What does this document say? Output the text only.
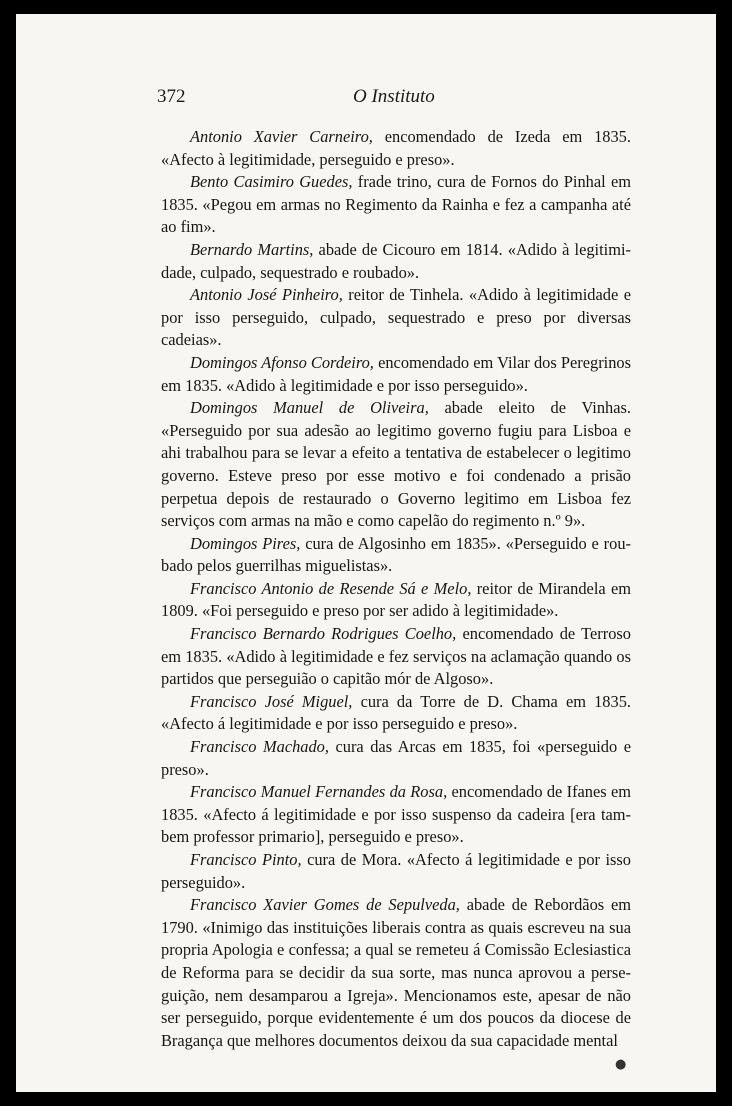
372	O Instituto

Antonio Xavier Carneiro, encomendado de Izeda em 1835. «Afecto à legitimidade, perseguido e preso».

Bento Casimiro Guedes, frade trino, cura de Fornos do Pinhal em 1835. «Pegou em armas no Regimento da Rainha e fez a campanha até ao fim».

Bernardo Martins, abade de Cicouro em 1814. «Adido à legitimidade, culpado, sequestrado e roubado».

Antonio José Pinheiro, reitor de Tinhela. «Adido à legitimidade e por isso perseguido, culpado, sequestrado e preso por diversas cadeias».

Domingos Afonso Cordeiro, encomendado em Vilar dos Peregrinos em 1835. «Adido à legitimidade e por isso perseguido».

Domingos Manuel de Oliveira, abade eleito de Vinhas. «Perseguido por sua adesão ao legitimo governo fugiu para Lisboa e ahi trabalhou para se levar a efeito a tentativa de estabelecer o legitimo governo. Esteve preso por esse motivo e foi condenado a prisão perpetua depois de restaurado o Governo legitimo em Lisboa fez serviços com armas na mão e como capelão do regimento n.º 9».

Domingos Pires, cura de Algosinho em 1835». «Perseguido e roubado pelos guerrilhas miguelistas».

Francisco Antonio de Resende Sá e Melo, reitor de Mirandela em 1809. «Foi perseguido e preso por ser adido à legitimidade».

Francisco Bernardo Rodrigues Coelho, encomendado de Terroso em 1835. «Adido à legitimidade e fez serviços na aclamação quando os partidos que perseguião o capitão mór de Algoso».

Francisco José Miguel, cura da Torre de D. Chama em 1835. «Afecto á legitimidade e por isso perseguido e preso».

Francisco Machado, cura das Arcas em 1835, foi «perseguido e preso».

Francisco Manuel Fernandes da Rosa, encomendado de Ifanes em 1835. «Afecto á legitimidade e por isso suspenso da cadeira [era tambem professor primario], perseguido e preso».

Francisco Pinto, cura de Mora. «Afecto á legitimidade e por isso perseguido».

Francisco Xavier Gomes de Sepulveda, abade de Rebordãos em 1790. «Inimigo das instituições liberais contra as quais escreveu na sua propria Apologia e confessa; a qual se remeteu á Comissão Eclesiastica de Reforma para se decidir da sua sorte, mas nunca aprovou a perseguição, nem desamparou a Igreja». Mencionamos este, apesar de não ser perseguido, porque evidentemente é um dos poucos da diocese de Bragança que melhores documentos deixou da sua capacidade mental

●
